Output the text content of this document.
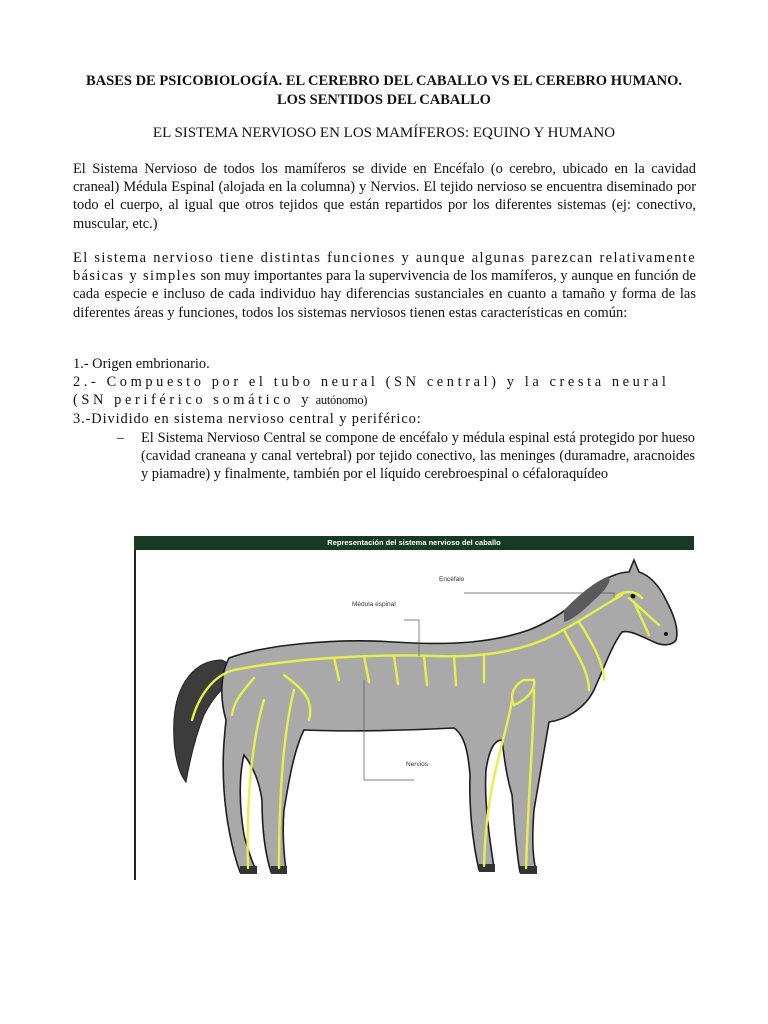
BASES DE PSICOBIOLOGÍA. EL CEREBRO DEL CABALLO VS EL CEREBRO HUMANO.
LOS SENTIDOS DEL CABALLO
EL SISTEMA NERVIOSO EN LOS MAMÍFEROS: EQUINO Y HUMANO

El Sistema Nervioso de todos los mamíferos se divide en Encéfalo (o cerebro, ubicado en la cavidad craneal) Médula Espinal (alojada en la columna) y Nervios. El tejido nervioso se encuentra diseminado por todo el cuerpo, al igual que otros tejidos que están repartidos por los diferentes sistemas (ej: conectivo, muscular, etc.)

El sistema nervioso tiene distintas funciones y aunque algunas parezcan relativamente básicas y simples son muy importantes para la supervivencia de los mamíferos, y aunque en función de cada especie e incluso de cada individuo hay diferencias sustanciales en cuanto a tamaño y forma de las diferentes áreas y funciones, todos los sistemas nerviosos tienen estas características en común:

1.- Origen embrionario.
2.- Compuesto por el tubo neural (SN central) y la cresta neural (SN periférico somático y autónomo)
3.-Dividido en sistema nervioso central y periférico:
– El Sistema Nervioso Central se compone de encéfalo y médula espinal está protegido por hueso (cavidad craneana y canal vertebral) por tejido conectivo, las meninges (duramadre, aracnoides y piamadre) y finalmente, también por el líquido cerebroespinal o céfaloraquídeo
Representación del sistema nervioso del caballo
Encéfalo
Médula espinal
Nervios
